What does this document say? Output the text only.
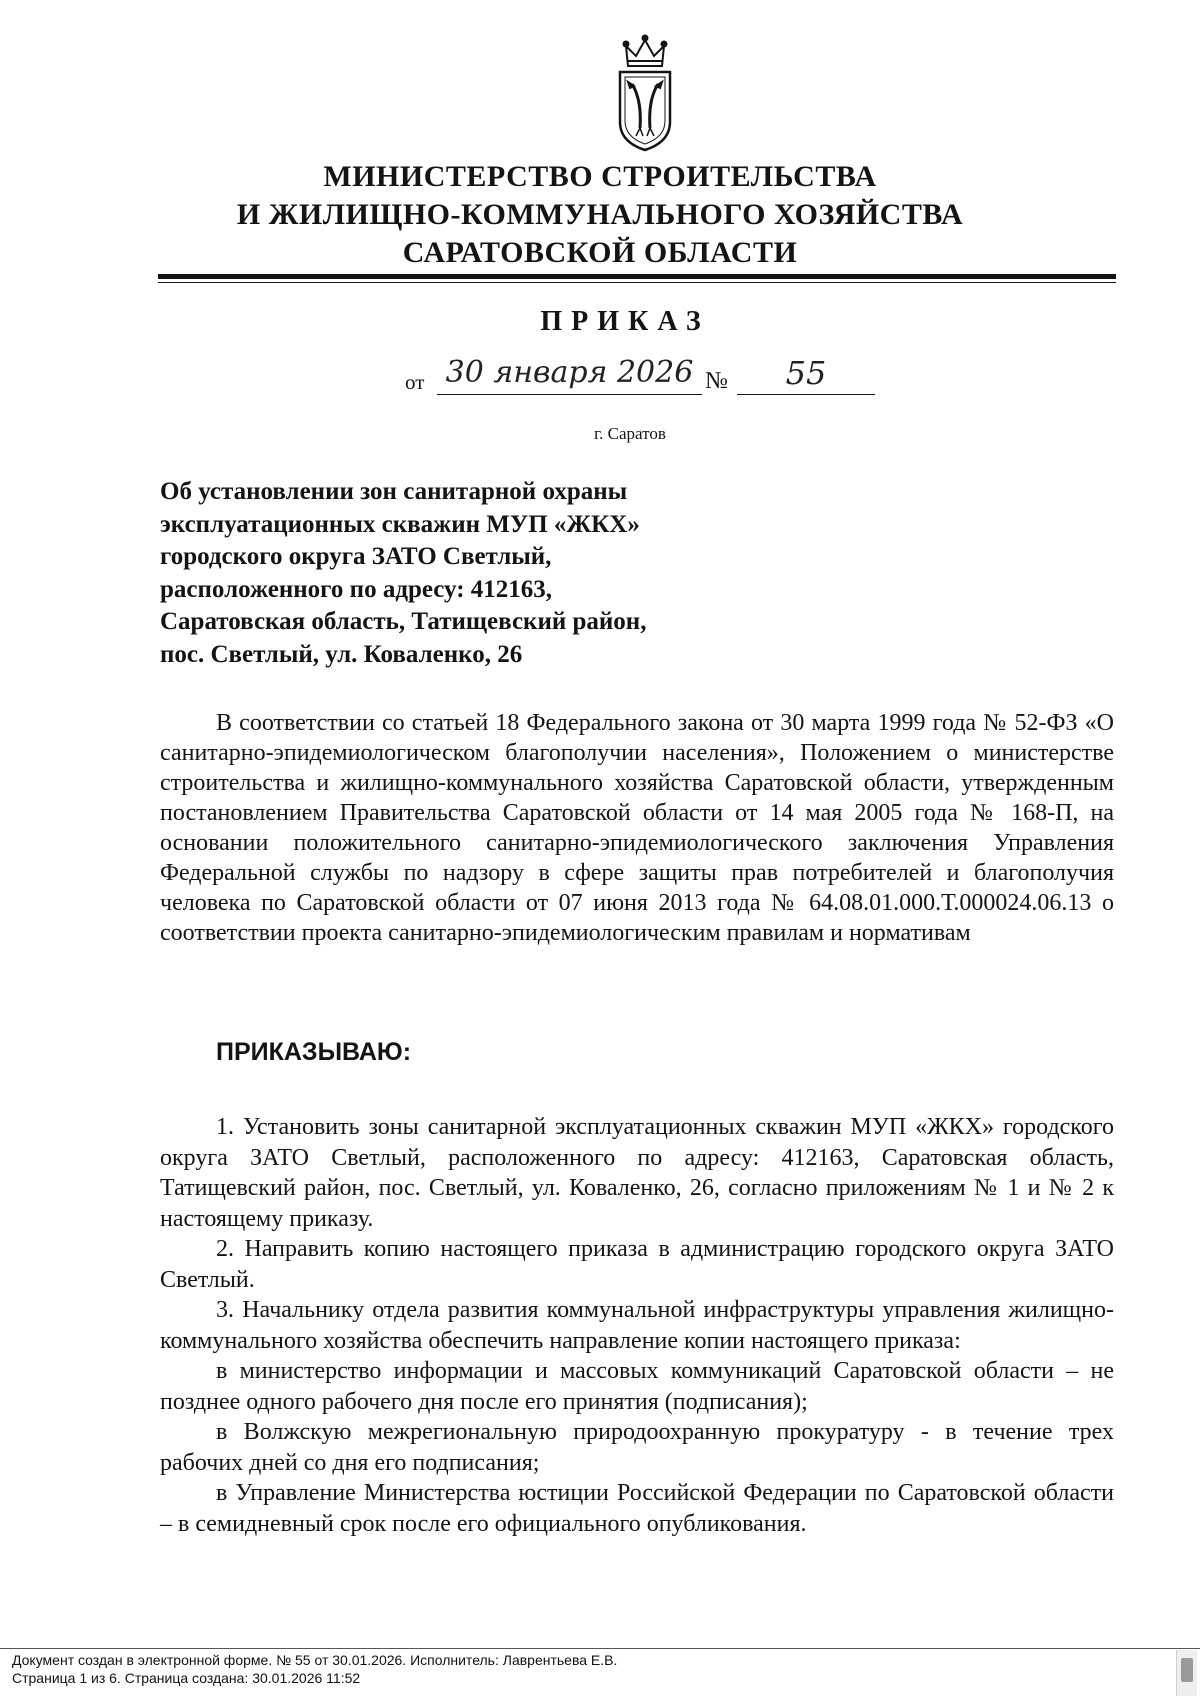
МИНИСТЕРСТВО СТРОИТЕЛЬСТВА
И ЖИЛИЩНО-КОММУНАЛЬНОГО ХОЗЯЙСТВА
САРАТОВСКОЙ ОБЛАСТИ
ПРИКАЗ
от 30 января 2026 №	55
г. Саратов
Об установлении зон санитарной охраны
эксплуатационных скважин МУП «ЖКХ»
городского округа ЗАТО Светлый,
расположенного по адресу: 412163,
Саратовская область, Татищевский район,
пос. Светлый, ул. Коваленко, 26

В соответствии со статьей 18 Федерального закона от 30 марта 1999 года № 52-ФЗ «О санитарно-эпидемиологическом благополучии населения», Положением о министерстве строительства и жилищно-коммунального хозяйства Саратовской области, утвержденным постановлением Правительства Саратовской области от 14 мая 2005 года № 168-П, на основании положительного санитарно-эпидемиологического заключения Управления Федеральной службы по надзору в сфере защиты прав потребителей и благополучия человека по Саратовской области от 07 июня 2013 года № 64.08.01.000.Т.000024.06.13 о соответствии проекта санитарно-эпидемиологическим правилам и нормативам

ПРИКАЗЫВАЮ:

1. Установить зоны санитарной эксплуатационных скважин МУП «ЖКХ» городского округа ЗАТО Светлый, расположенного по адресу: 412163, Саратовская область, Татищевский район, пос. Светлый, ул. Коваленко, 26, согласно приложениям № 1 и № 2 к настоящему приказу.

2. Направить копию настоящего приказа в администрацию городского округа ЗАТО Светлый.

3. Начальнику отдела развития коммунальной инфраструктуры управления жилищно-коммунального хозяйства обеспечить направление копии настоящего приказа:

в министерство информации и массовых коммуникаций Саратовской области – не позднее одного рабочего дня после его принятия (подписания);

в Волжскую межрегиональную природоохранную прокуратуру - в течение трех рабочих дней со дня его подписания;

в Управление Министерства юстиции Российской Федерации по Саратовской области – в семидневный срок после его официального опубликования.

Документ создан в электронной форме. № 55 от 30.01.2026. Исполнитель: Лаврентьева Е.В.
Страница 1 из 6. Страница создана: 30.01.2026 11:52
